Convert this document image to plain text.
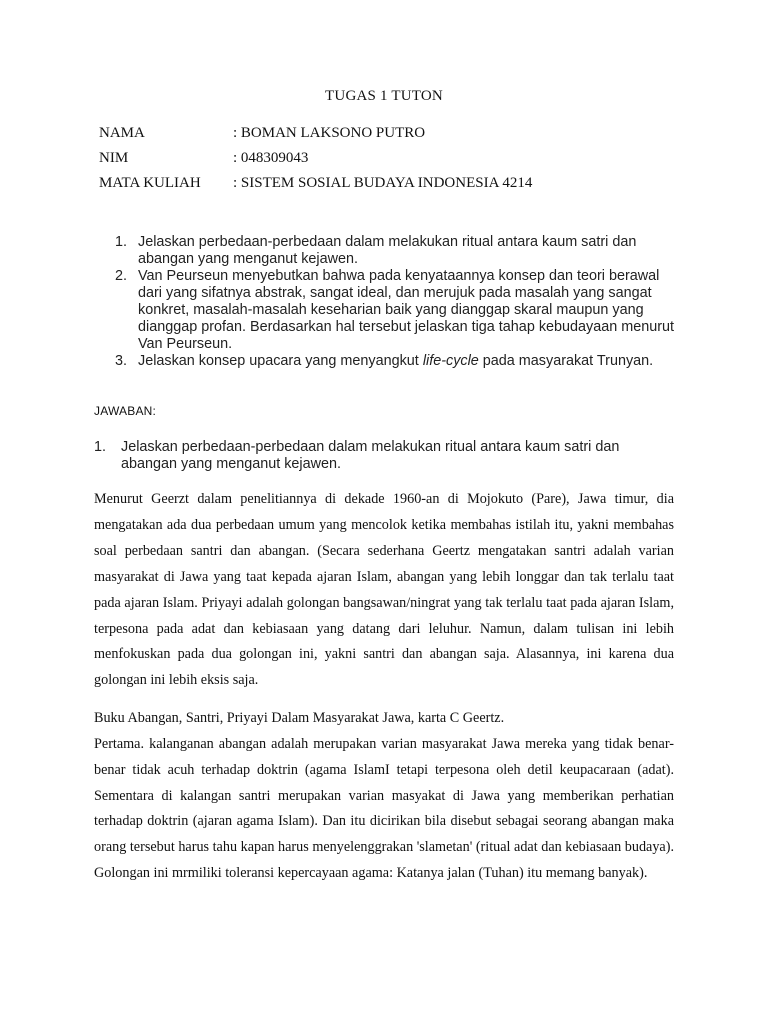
TUGAS 1 TUTON
NAMA	: BOMAN LAKSONO PUTRO
NIM	: 048309043
MATA KULIAH	: SISTEM SOSIAL BUDAYA INDONESIA 4214
1. Jelaskan perbedaan-perbedaan dalam melakukan ritual antara kaum satri dan abangan yang menganut kejawen.
2. Van Peurseun menyebutkan bahwa pada kenyataannya konsep dan teori berawal dari yang sifatnya abstrak, sangat ideal, dan merujuk pada masalah yang sangat konkret, masalah-masalah keseharian baik yang dianggap skaral maupun yang dianggap profan. Berdasarkan hal tersebut jelaskan tiga tahap kebudayaan menurut Van Peurseun.
3. Jelaskan konsep upacara yang menyangkut life-cycle pada masyarakat Trunyan.
JAWABAN:
1.	Jelaskan perbedaan-perbedaan dalam melakukan ritual antara kaum satri dan abangan yang menganut kejawen.

Menurut Geerzt dalam penelitiannya di dekade 1960-an di Mojokuto (Pare), Jawa timur, dia mengatakan ada dua perbedaan umum yang mencolok ketika membahas istilah itu, yakni membahas soal perbedaan santri dan abangan. (Secara sederhana Geertz mengatakan santri adalah varian masyarakat di Jawa yang taat kepada ajaran Islam, abangan yang lebih longgar dan tak terlalu taat pada ajaran Islam. Priyayi adalah golongan bangsawan/ningrat yang tak terlalu taat pada ajaran Islam, terpesona pada adat dan kebiasaan yang datang dari leluhur. Namun, dalam tulisan ini lebih menfokuskan pada dua golongan ini, yakni santri dan abangan saja. Alasannya, ini karena dua golongan ini lebih eksis saja.

Buku Abangan, Santri, Priyayi Dalam Masyarakat Jawa, karta C Geertz.

Pertama. kalanganan abangan adalah merupakan varian masyarakat Jawa mereka yang tidak benar-benar tidak acuh terhadap doktrin (agama IslamI tetapi terpesona oleh detil keupacaraan (adat). Sementara di kalangan santri merupakan varian masyakat di Jawa yang memberikan perhatian terhadap doktrin (ajaran agama Islam). Dan itu dicirikan bila disebut sebagai seorang abangan maka orang tersebut harus tahu kapan harus menyelenggrakan 'slametan' (ritual adat dan kebiasaan budaya). Golongan ini mrmiliki toleransi kepercayaan agama: Katanya jalan (Tuhan) itu memang banyak).
